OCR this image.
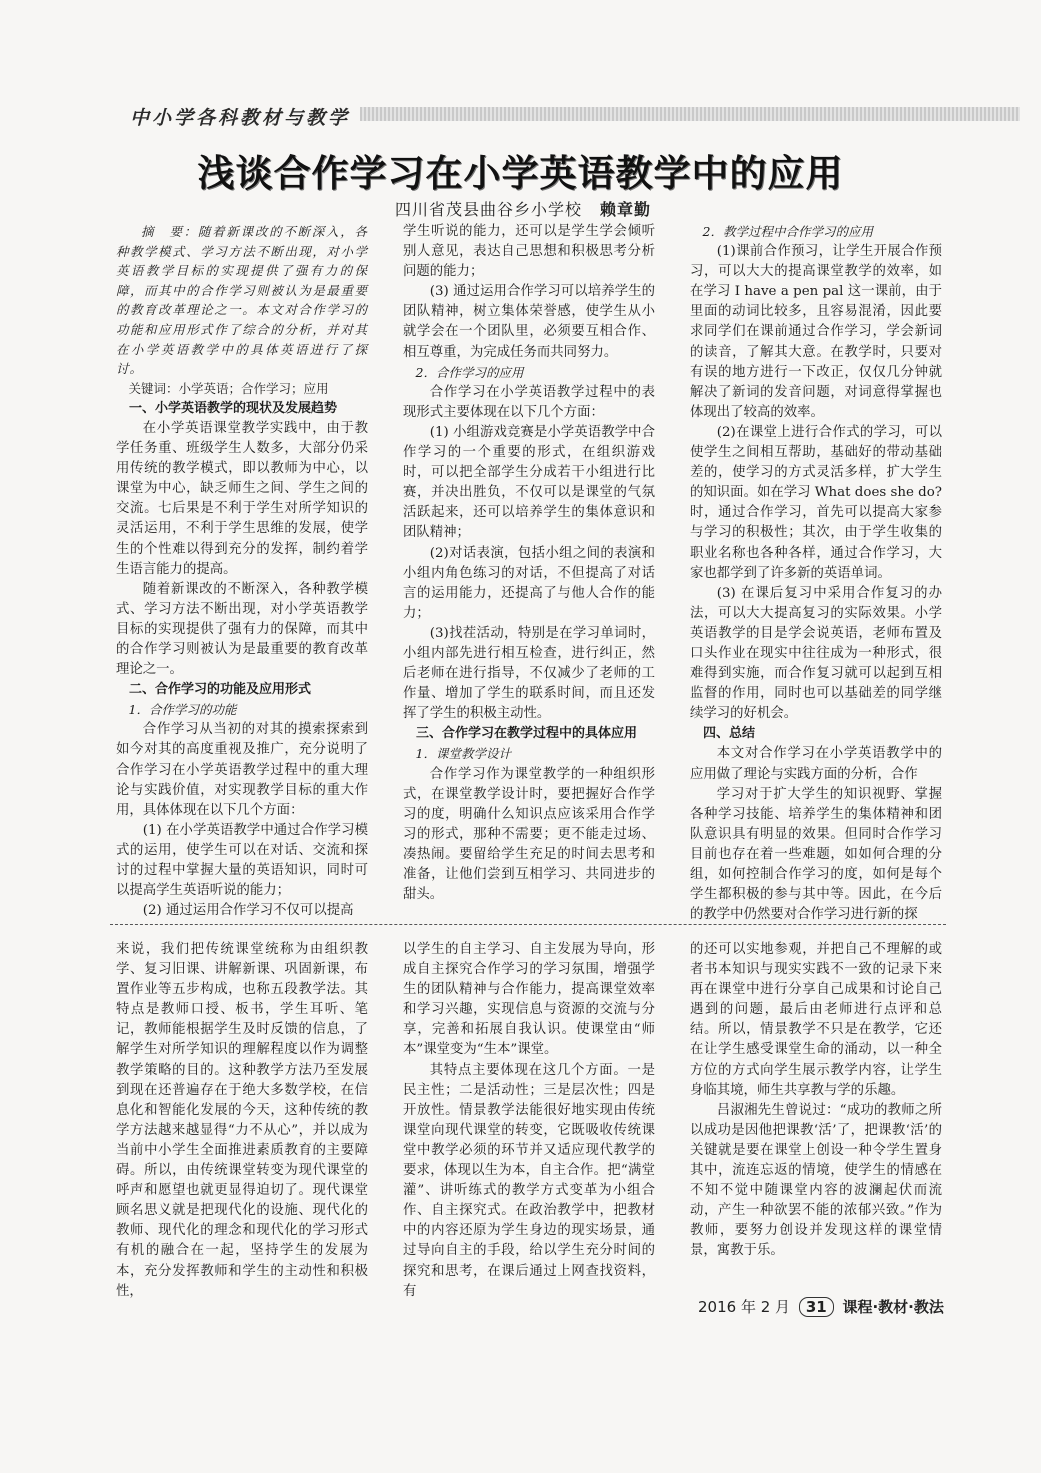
中小学各科教材与教学
浅谈合作学习在小学英语教学中的应用
四川省茂县曲谷乡小学校 赖章勤

摘　要：随着新课改的不断深入，各种教学模式、学习方法不断出现，对小学英语教学目标的实现提供了强有力的保障，而其中的合作学习则被认为是最重要的教育改革理论之一。本文对合作学习的功能和应用形式作了综合的分析，并对其在小学英语教学中的具体英语进行了探讨。

关键词：小学英语；合作学习；应用

一、小学英语教学的现状及发展趋势

在小学英语课堂教学实践中，由于教学任务重、班级学生人数多，大部分仍采用传统的教学模式，即以教师为中心，以课堂为中心，缺乏师生之间、学生之间的交流。七后果是不利于学生对所学知识的灵活运用，不利于学生思维的发展，使学生的个性难以得到充分的发挥，制约着学生语言能力的提高。

随着新课改的不断深入，各种教学模式、学习方法不断出现，对小学英语教学目标的实现提供了强有力的保障，而其中的合作学习则被认为是最重要的教育改革理论之一。

二、合作学习的功能及应用形式

1．合作学习的功能

合作学习从当初的对其的摸索探索到如今对其的高度重视及推广，充分说明了合作学习在小学英语教学过程中的重大理论与实践价值，对实现教学目标的重大作用，具体体现在以下几个方面：

(1) 在小学英语教学中通过合作学习模式的运用，使学生可以在对话、交流和探讨的过程中掌握大量的英语知识，同时可以提高学生英语听说的能力；

(2) 通过运用合作学习不仅可以提高

学生听说的能力，还可以是学生学会倾听别人意见，表达自己思想和积极思考分析问题的能力；

(3) 通过运用合作学习可以培养学生的团队精神，树立集体荣誉感，使学生从小就学会在一个团队里，必须要互相合作、相互尊重，为完成任务而共同努力。

2．合作学习的应用

合作学习在小学英语教学过程中的表现形式主要体现在以下几个方面：

(1) 小组游戏竞赛是小学英语教学中合作学习的一个重要的形式，在组织游戏时，可以把全部学生分成若干小组进行比赛，并决出胜负，不仅可以是课堂的气氛活跃起来，还可以培养学生的集体意识和团队精神；

(2)对话表演，包括小组之间的表演和小组内角色练习的对话，不但提高了对话言的运用能力，还提高了与他人合作的能力；

(3)找茬活动，特别是在学习单词时，小组内部先进行相互检查，进行纠正，然后老师在进行指导，不仅减少了老师的工作量、增加了学生的联系时间，而且还发挥了学生的积极主动性。

三、合作学习在教学过程中的具体应用

1．课堂教学设计

合作学习作为课堂教学的一种组织形式，在课堂教学设计时，要把握好合作学习的度，明确什么知识点应该采用合作学习的形式，那种不需要；更不能走过场、凑热闹。要留给学生充足的时间去思考和准备，让他们尝到互相学习、共同进步的甜头。

2．教学过程中合作学习的应用

(1)课前合作预习，让学生开展合作预习，可以大大的提高课堂教学的效率，如在学习 I have a pen pal 这一课前，由于里面的动词比较多，且容易混淆，因此要求同学们在课前通过合作学习，学会新词的读音，了解其大意。在教学时，只要对有误的地方进行一下改正，仅仅几分钟就解决了新词的发音问题，对词意得掌握也体现出了较高的效率。

(2)在课堂上进行合作式的学习，可以使学生之间相互帮助，基础好的带动基础差的，使学习的方式灵活多样，扩大学生的知识面。如在学习 What does she do?时，通过合作学习，首先可以提高大家参与学习的积极性；其次，由于学生收集的职业名称也各种各样，通过合作学习，大家也都学到了许多新的英语单词。

(3) 在课后复习中采用合作复习的办法，可以大大提高复习的实际效果。小学英语教学的目是学会说英语，老师布置及口头作业在现实中往往成为一种形式，很难得到实施，而合作复习就可以起到互相监督的作用，同时也可以基础差的同学继续学习的好机会。

四、总结

本文对合作学习在小学英语教学中的应用做了理论与实践方面的分析，合作

学习对于扩大学生的知识视野、掌握各种学习技能、培养学生的集体精神和团队意识具有明显的效果。但同时合作学习目前也存在着一些难题，如如何合理的分组，如何控制合作学习的度，如何是每个学生都积极的参与其中等。因此，在今后的教学中仍然要对合作学习进行新的探

来说，我们把传统课堂统称为由组织教学、复习旧课、讲解新课、巩固新课，布置作业等五步构成，也称五段教学法。其特点是教师口授、板书，学生耳听、笔记，教师能根据学生及时反馈的信息，了解学生对所学知识的理解程度以作为调整教学策略的目的。这种教学方法乃至发展到现在还普遍存在于绝大多数学校，在信息化和智能化发展的今天，这种传统的教学方法越来越显得“力不从心”，并以成为当前中小学生全面推进素质教育的主要障碍。所以，由传统课堂转变为现代课堂的呼声和愿望也就更显得迫切了。现代课堂顾名思义就是把现代化的设施、现代化的教师、现代化的理念和现代化的学习形式有机的融合在一起，坚持学生的发展为本，充分发挥教师和学生的主动性和积极性，

以学生的自主学习、自主发展为导向，形成自主探究合作学习的学习氛围，增强学生的团队精神与合作能力，提高课堂效率和学习兴趣，实现信息与资源的交流与分享，完善和拓展自我认识。使课堂由“师本”课堂变为“生本”课堂。

其特点主要体现在这几个方面。一是民主性；二是活动性；三是层次性；四是开放性。情景教学法能很好地实现由传统课堂向现代课堂的转变，它既吸收传统课堂中教学必须的环节并又适应现代教学的要求，体现以生为本，自主合作。把“满堂灌”、讲听练式的教学方式变革为小组合作、自主探究式。在政治教学中，把教材中的内容还原为学生身边的现实场景，通过导向自主的手段，给以学生充分时间的探究和思考，在课后通过上网查找资料，有

的还可以实地参观，并把自己不理解的或者书本知识与现实实践不一致的记录下来再在课堂中进行分享自己成果和讨论自己遇到的问题，最后由老师进行点评和总结。所以，情景教学不只是在教学，它还在让学生感受课堂生命的涌动，以一种全方位的方式向学生展示教学内容，让学生身临其境，师生共享教与学的乐趣。

吕淑湘先生曾说过：“成功的教师之所以成功是因他把课教‘活’了，把课教‘活’的关键就是要在课堂上创设一种令学生置身其中，流连忘返的情境，使学生的情感在不知不觉中随课堂内容的波澜起伏而流动，产生一种欲罢不能的浓郁兴致。”作为教师，要努力创设并发现这样的课堂情景，寓教于乐。

2016 年 2 月 31 课程·教材·教法
